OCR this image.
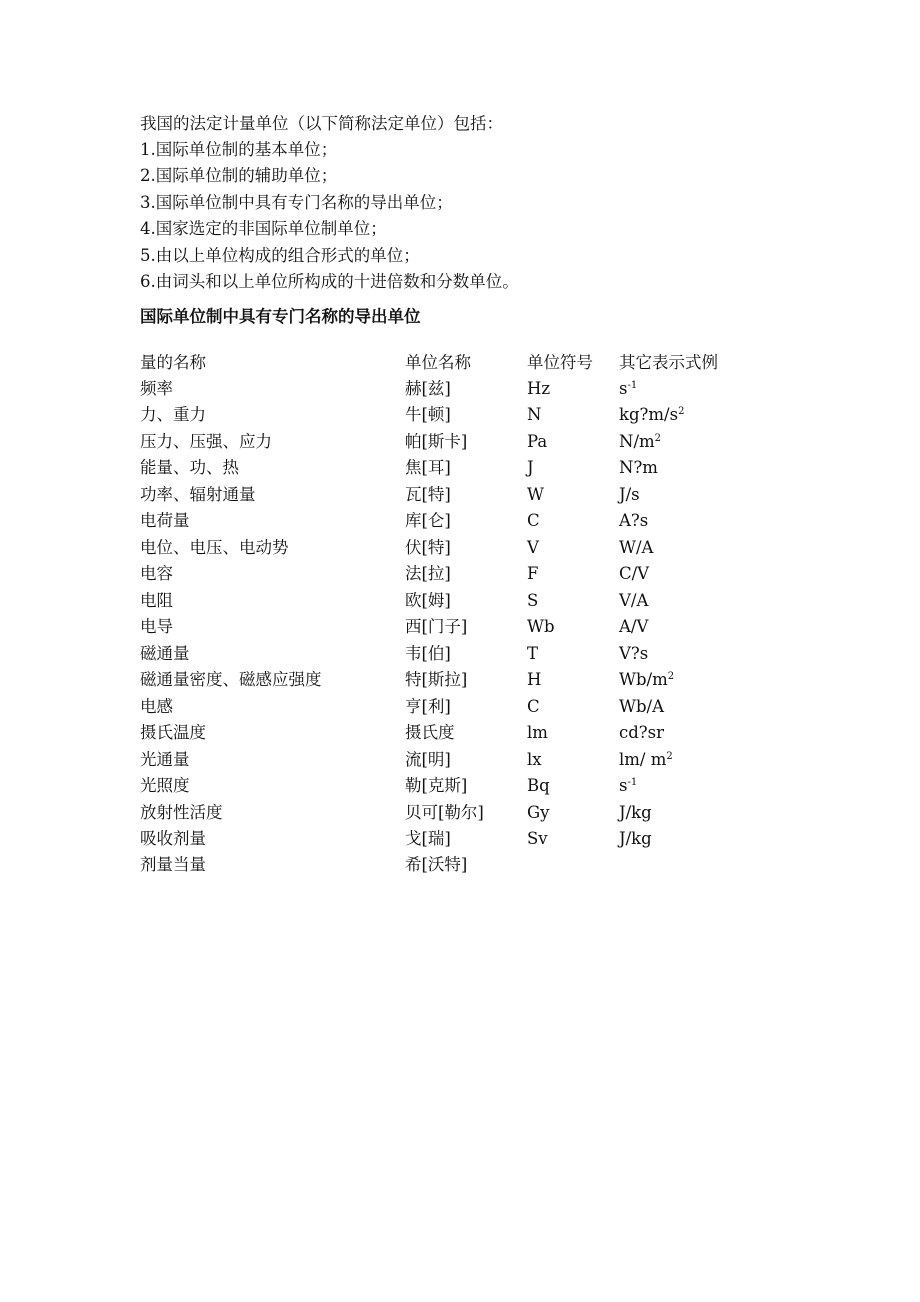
我国的法定计量单位（以下简称法定单位）包括：
1.国际单位制的基本单位；
2.国际单位制的辅助单位；
3.国际单位制中具有专门名称的导出单位；
4.国家选定的非国际单位制单位；
5.由以上单位构成的组合形式的单位；
6.由词头和以上单位所构成的十进倍数和分数单位。
国际单位制中具有专门名称的导出单位
量的名称	单位名称	单位符号 其它表示式例
频率	赫[兹]	Hz	$s^{-1}$
力、重力	牛[顿]	N	$kg?m/s^2$
压力、压强、应力	帕[斯卡]	Pa	$N/m^2$
能量、功、热	焦[耳]	J	N?m
功率、辐射通量	瓦[特]	W	J/s
电荷量	库[仑]	C	A?s
电位、电压、电动势	伏[特]	V	W/A
电容	法[拉]	F	C/V
电阻	欧[姆]	S	V/A
电导	西[门子]	Wb	A/V
磁通量	韦[伯]	T	V?s
磁通量密度、磁感应强度	特[斯拉]	H	$Wb/m^2$
电感	亨[利]	C	Wb/A
摄氏温度	摄氏度	lm	cd?sr
光通量	流[明]	lx	lm/ $m^2$
光照度	勒[克斯]	Bq	$s^{-1}$
放射性活度	贝可[勒尔]	Gy	J/kg
吸收剂量	戈[瑞]	Sv	J/kg
剂量当量	希[沃特]
